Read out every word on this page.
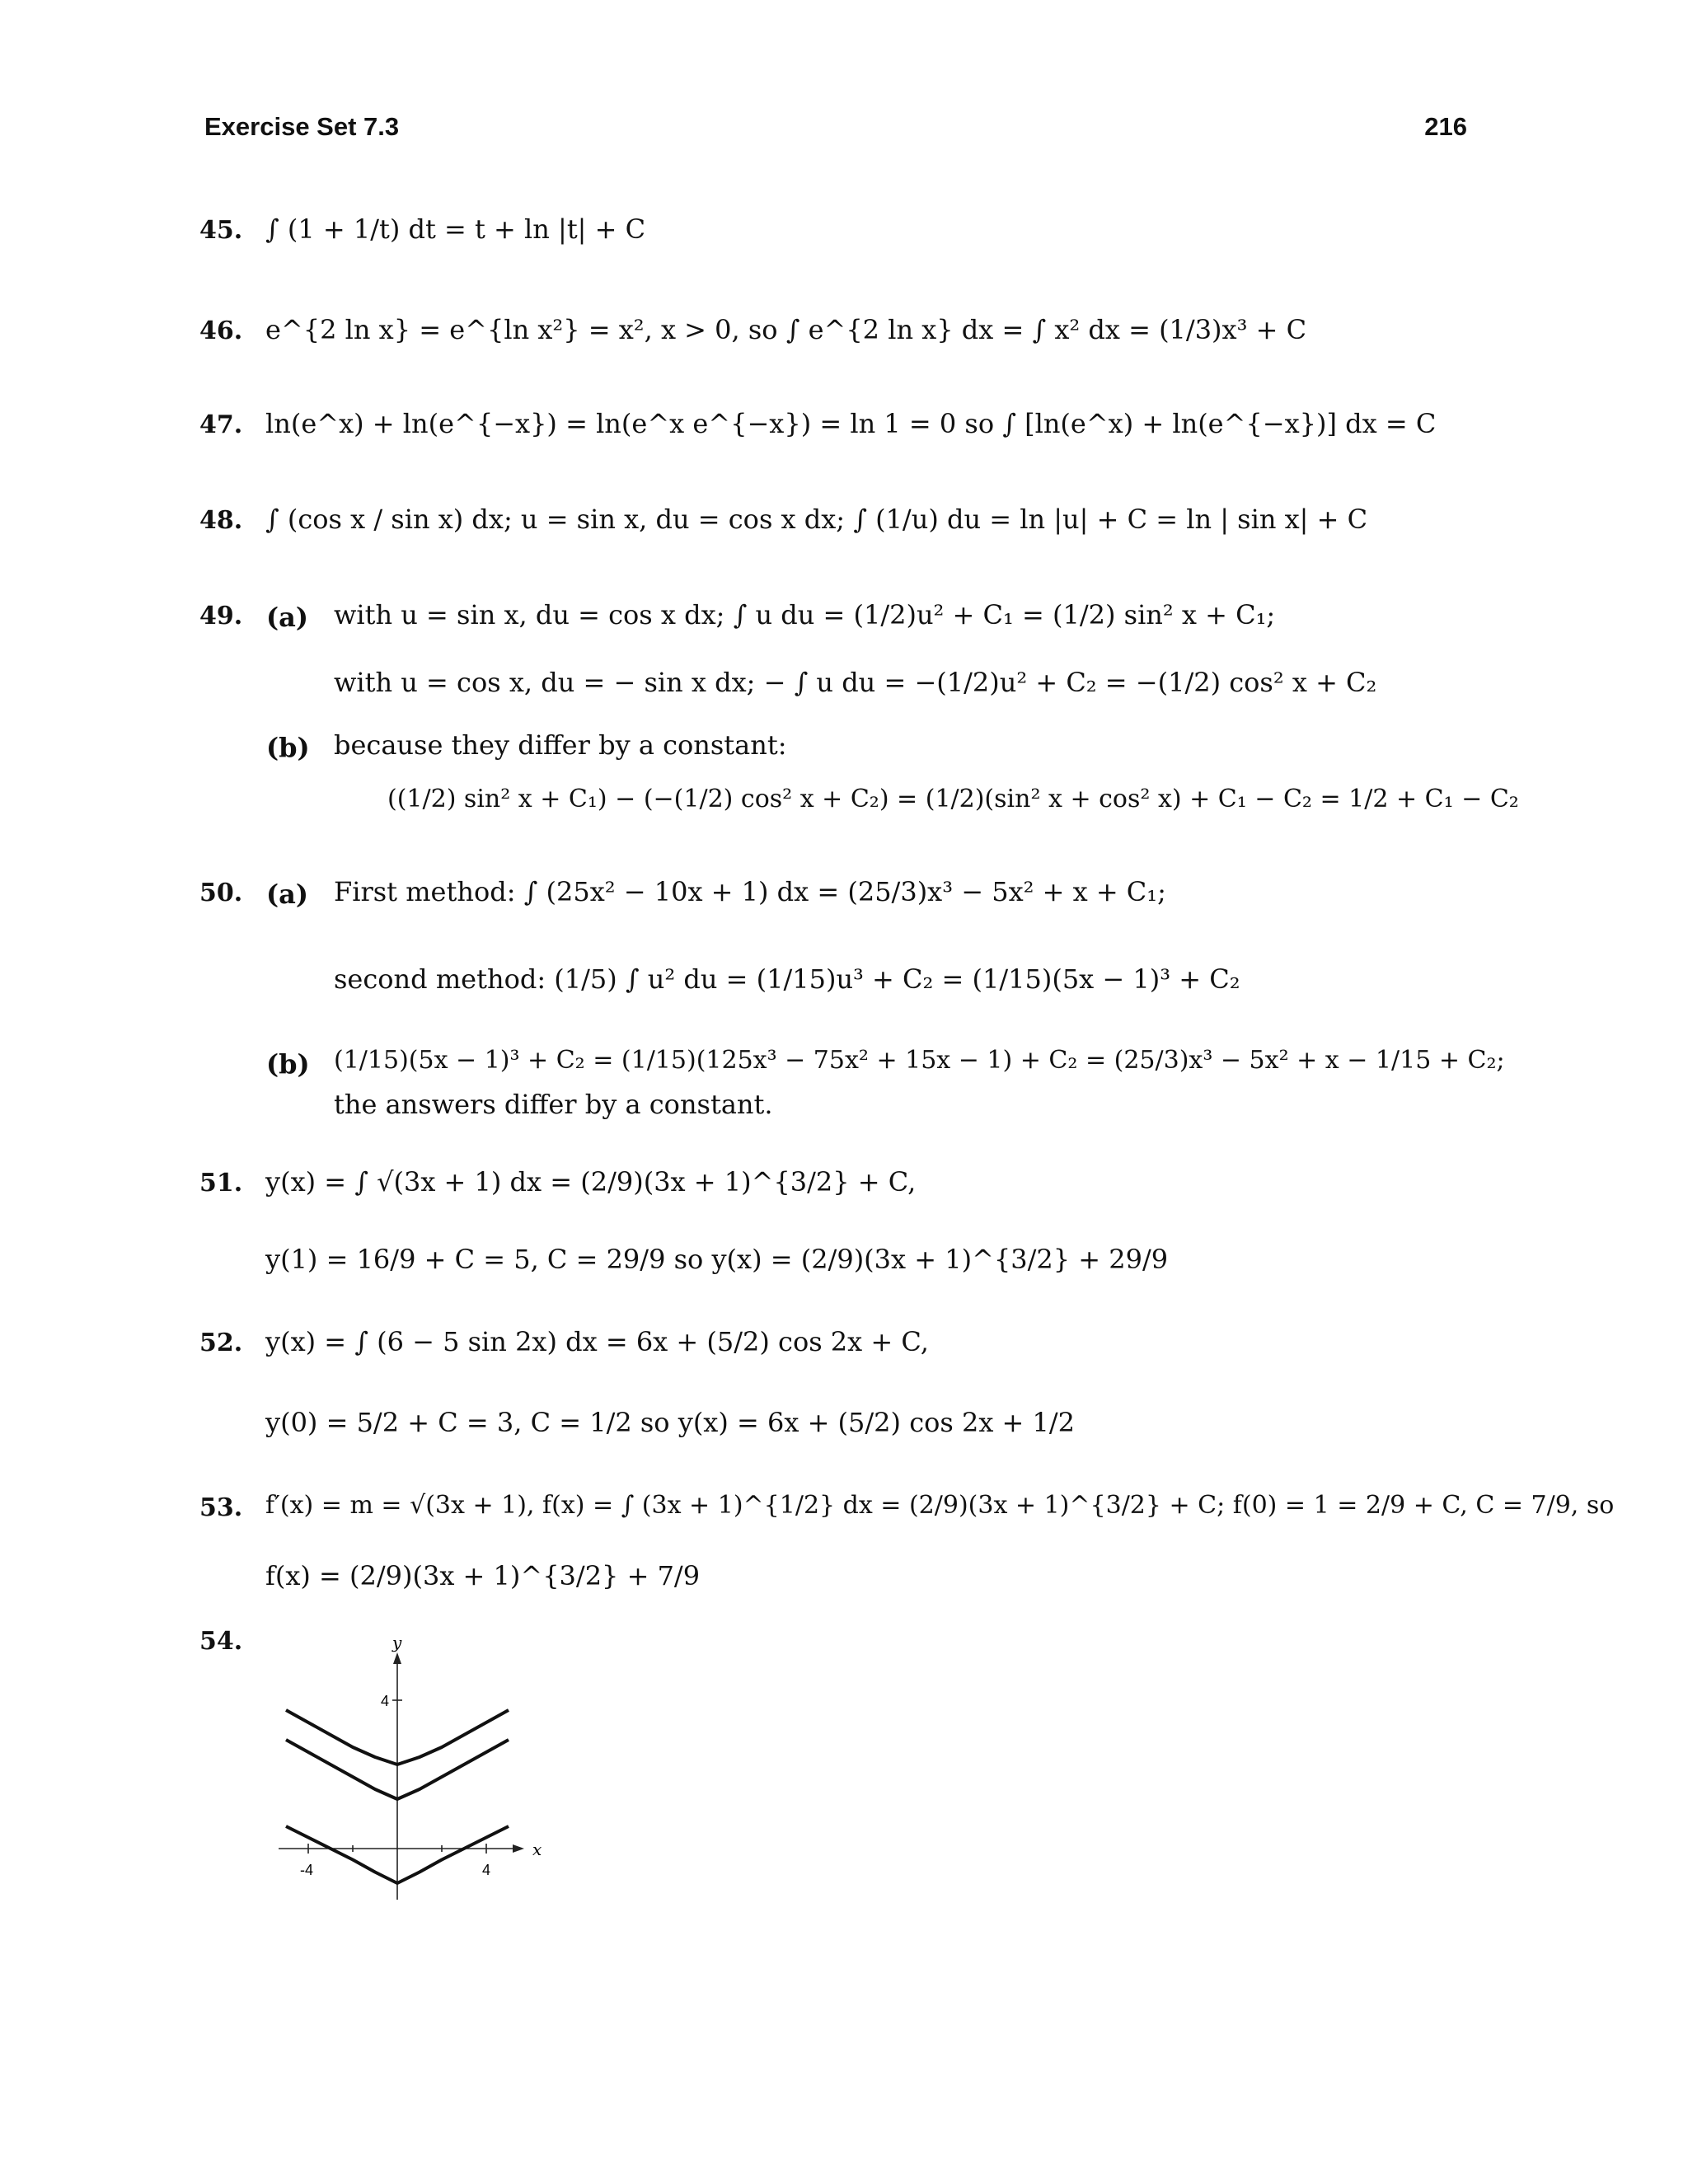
Exercise Set 7.3	216
45.
46.
47.
48.
49.
50.
51.
52.
53.
54.
∫ (1 + 1/t) dt = t + ln |t| + C
e^{2 ln x} = e^{ln x²} = x², x > 0, so ∫ e^{2 ln x} dx = ∫ x² dx = (1/3)x³ + C
ln(e^x) + ln(e^{−x}) = ln(e^x e^{−x}) = ln 1 = 0 so ∫ [ln(e^x) + ln(e^{−x})] dx = C
∫ (cos x / sin x) dx; u = sin x, du = cos x dx; ∫ (1/u) du = ln |u| + C = ln | sin x| + C
(a) with u = sin x, du = cos x dx; ∫ u du = (1/2)u² + C₁ = (1/2) sin² x + C₁;
with u = cos x, du = − sin x dx; − ∫ u du = −(1/2)u² + C₂ = −(1/2) cos² x + C₂
(b) because they differ by a constant:
((1/2) sin² x + C₁) − (−(1/2) cos² x + C₂) = (1/2)(sin² x + cos² x) + C₁ − C₂ = 1/2 + C₁ − C₂
(a) First method: ∫ (25x² − 10x + 1) dx = (25/3)x³ − 5x² + x + C₁;
second method: (1/5) ∫ u² du = (1/15)u³ + C₂ = (1/15)(5x − 1)³ + C₂
(b) (1/15)(5x − 1)³ + C₂ = (1/15)(125x³ − 75x² + 15x − 1) + C₂ = (25/3)x³ − 5x² + x − 1/15 + C₂;
the answers differ by a constant.
y(x) = ∫ √(3x + 1) dx = (2/9)(3x + 1)^{3/2} + C,
y(1) = 16/9 + C = 5, C = 29/9 so y(x) = (2/9)(3x + 1)^{3/2} + 29/9
y(x) = ∫ (6 − 5 sin 2x) dx = 6x + (5/2) cos 2x + C,
y(0) = 5/2 + C = 3, C = 1/2 so y(x) = 6x + (5/2) cos 2x + 1/2
f′(x) = m = √(3x + 1), f(x) = ∫ (3x + 1)^{1/2} dx = (2/9)(3x + 1)^{3/2} + C; f(0) = 1 = 2/9 + C, C = 7/9, so
f(x) = (2/9)(3x + 1)^{3/2} + 7/9
x
y
-4	4
4
